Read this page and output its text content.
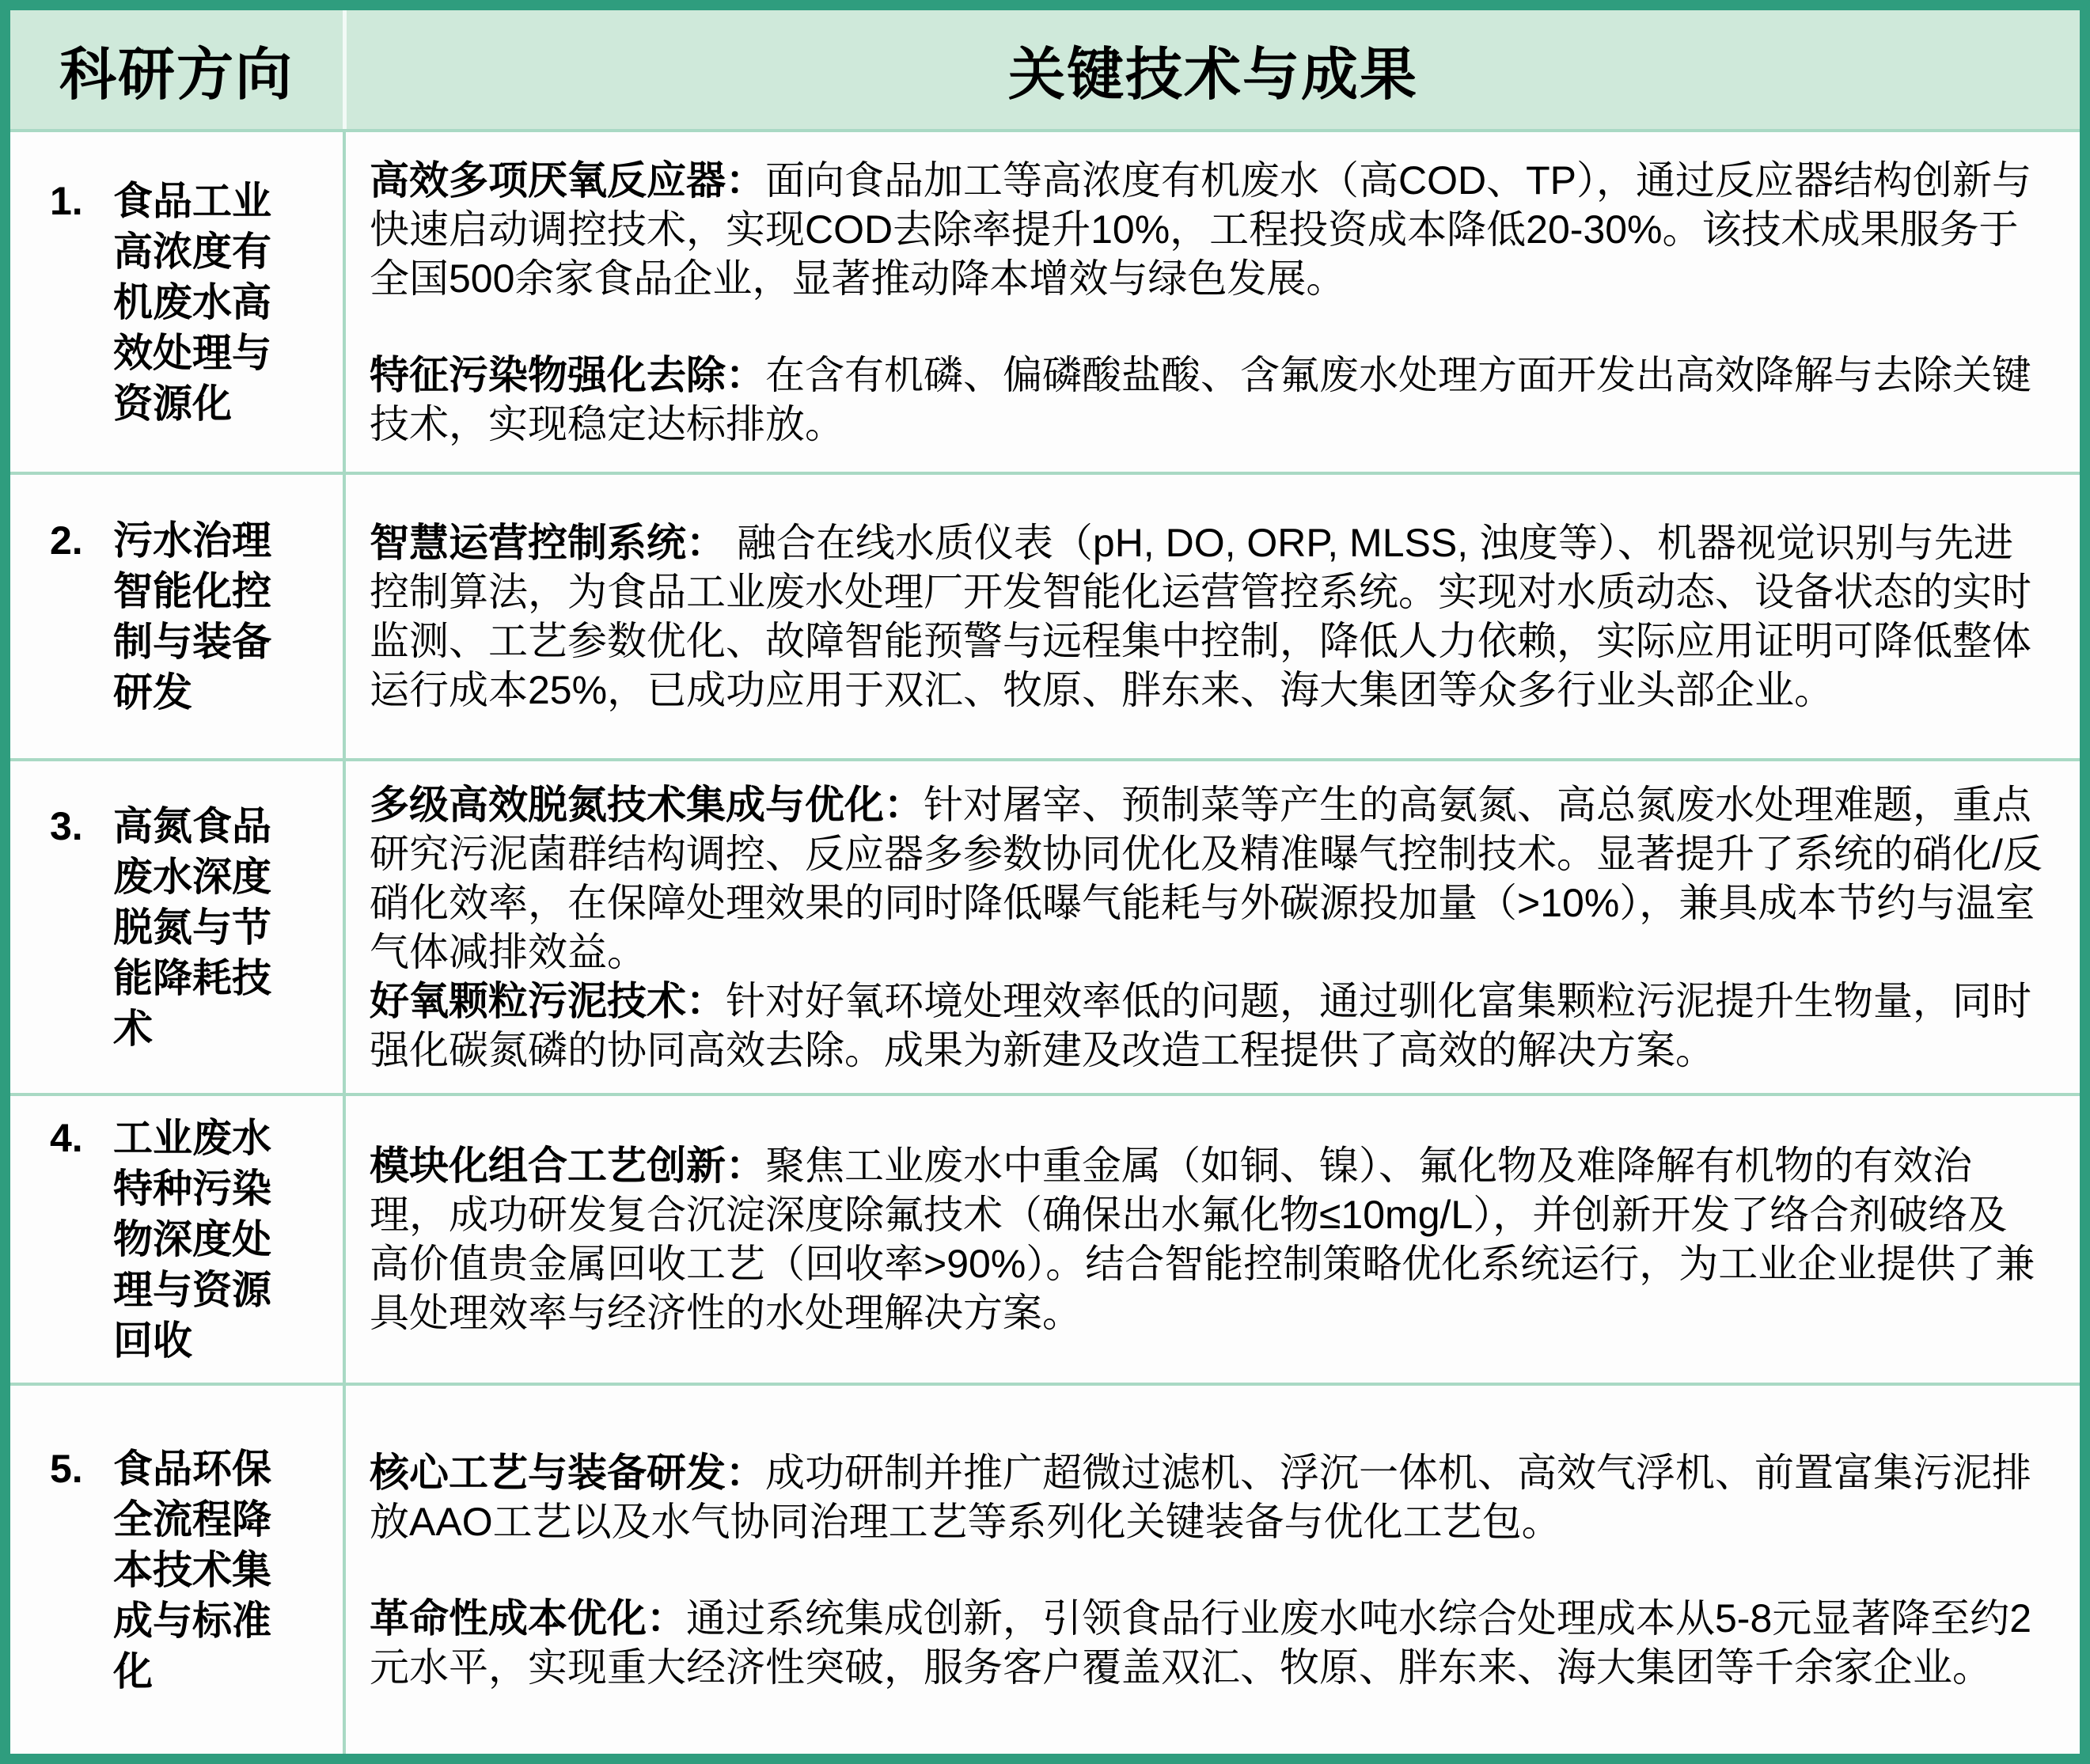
科研方向	关键技术与成果
1. 食品工业高浓度有机废水高效处理与资源化

高效多项厌氧反应器：面向食品加工等高浓度有机废水（高COD、TP），通过反应器结构创新与快速启动调控技术，实现COD去除率提升10%，工程投资成本降低20-30%。该技术成果服务于全国500余家食品企业，显著推动降本增效与绿色发展。

特征污染物强化去除：在含有机磷、偏磷酸盐酸、含氟废水处理方面开发出高效降解与去除关键技术，实现稳定达标排放。

2. 污水治理智能化控制与装备研发

智慧运营控制系统： 融合在线水质仪表（pH, DO, ORP, MLSS, 浊度等）、机器视觉识别与先进控制算法，为食品工业废水处理厂开发智能化运营管控系统。实现对水质动态、设备状态的实时监测、工艺参数优化、故障智能预警与远程集中控制，降低人力依赖，实际应用证明可降低整体运行成本25%，已成功应用于双汇、牧原、胖东来、海大集团等众多行业头部企业。

3. 高氮食品废水深度脱氮与节能降耗技术

多级高效脱氮技术集成与优化：针对屠宰、预制菜等产生的高氨氮、高总氮废水处理难题，重点研究污泥菌群结构调控、反应器多参数协同优化及精准曝气控制技术。显著提升了系统的硝化/反硝化效率，在保障处理效果的同时降低曝气能耗与外碳源投加量（>10%），兼具成本节约与温室气体减排效益。

好氧颗粒污泥技术：针对好氧环境处理效率低的问题，通过驯化富集颗粒污泥提升生物量，同时强化碳氮磷的协同高效去除。成果为新建及改造工程提供了高效的解决方案。

4. 工业废水特种污染物深度处理与资源回收

模块化组合工艺创新：聚焦工业废水中重金属（如铜、镍）、氟化物及难降解有机物的有效治理，成功研发复合沉淀深度除氟技术（确保出水氟化物≤10mg/L），并创新开发了络合剂破络及高价值贵金属回收工艺（回收率>90%）。结合智能控制策略优化系统运行，为工业企业提供了兼具处理效率与经济性的水处理解决方案。

5. 食品环保全流程降本技术集成与标准化

核心工艺与装备研发：成功研制并推广超微过滤机、浮沉一体机、高效气浮机、前置富集污泥排放AAO工艺以及水气协同治理工艺等系列化关键装备与优化工艺包。

革命性成本优化：通过系统集成创新，引领食品行业废水吨水综合处理成本从5-8元显著降至约2元水平，实现重大经济性突破，服务客户覆盖双汇、牧原、胖东来、海大集团等千余家企业。
